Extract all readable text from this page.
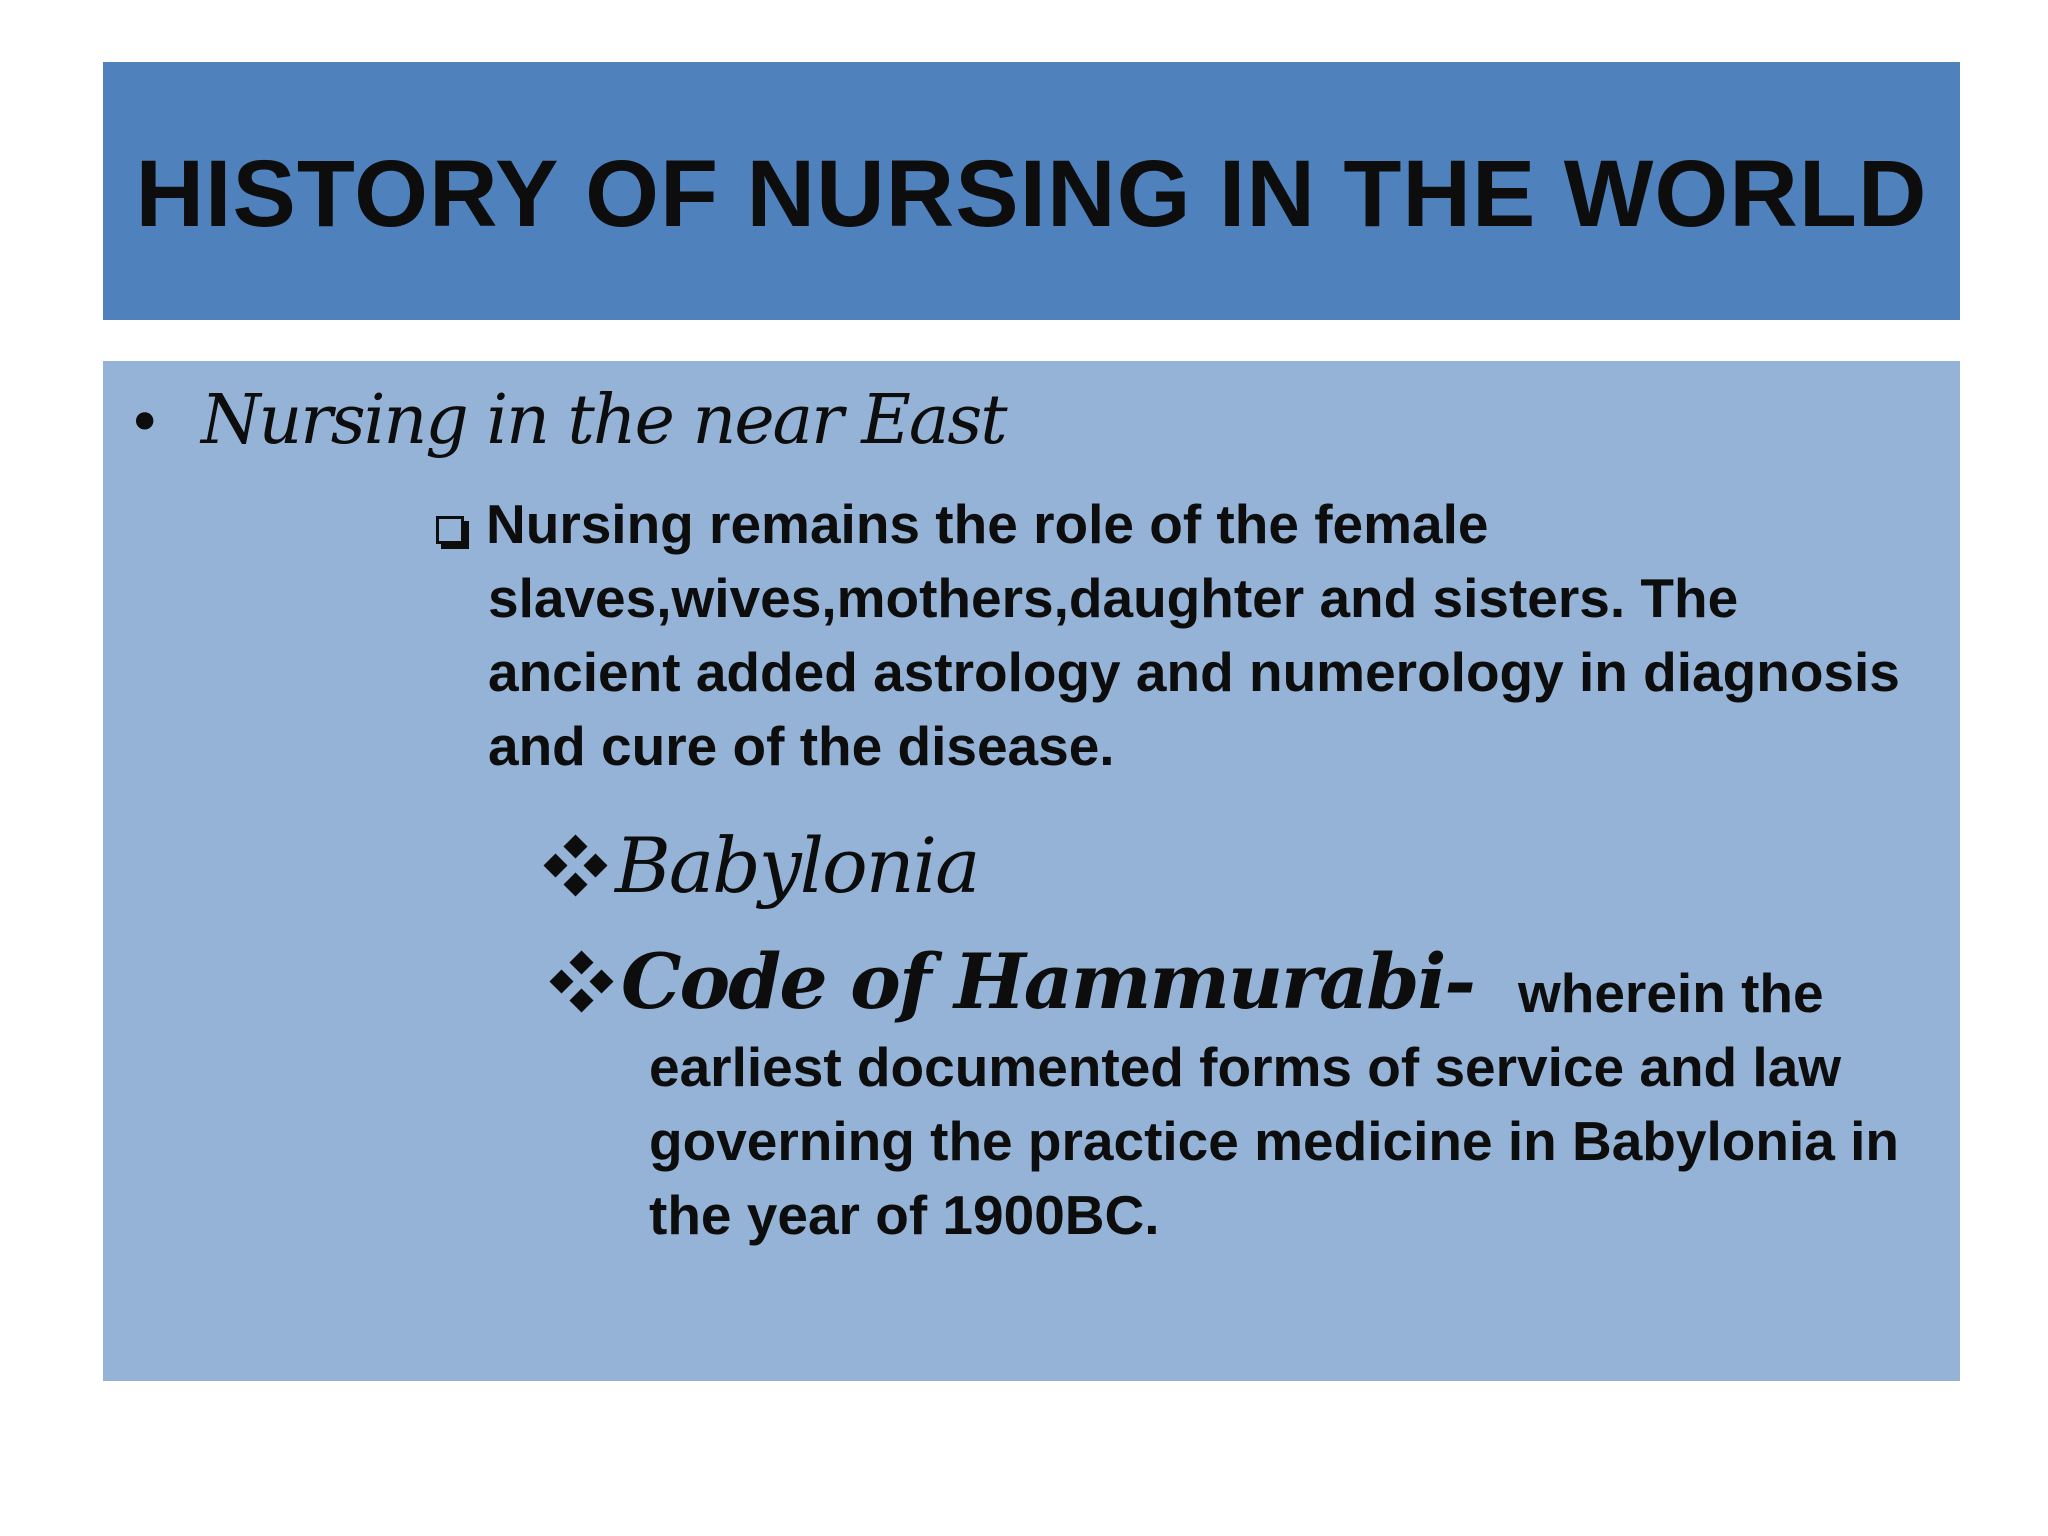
HISTORY OF NURSING IN THE WORLD
• Nursing in the near East

Nursing remains the role of the female slaves,wives,mothers,daughter and sisters. The ancient added astrology and numerology in diagnosis and cure of the disease.

Babylonia

Code of Hammurabi- wherein the earliest documented forms of service and law governing the practice medicine in Babylonia in the year of 1900BC.
